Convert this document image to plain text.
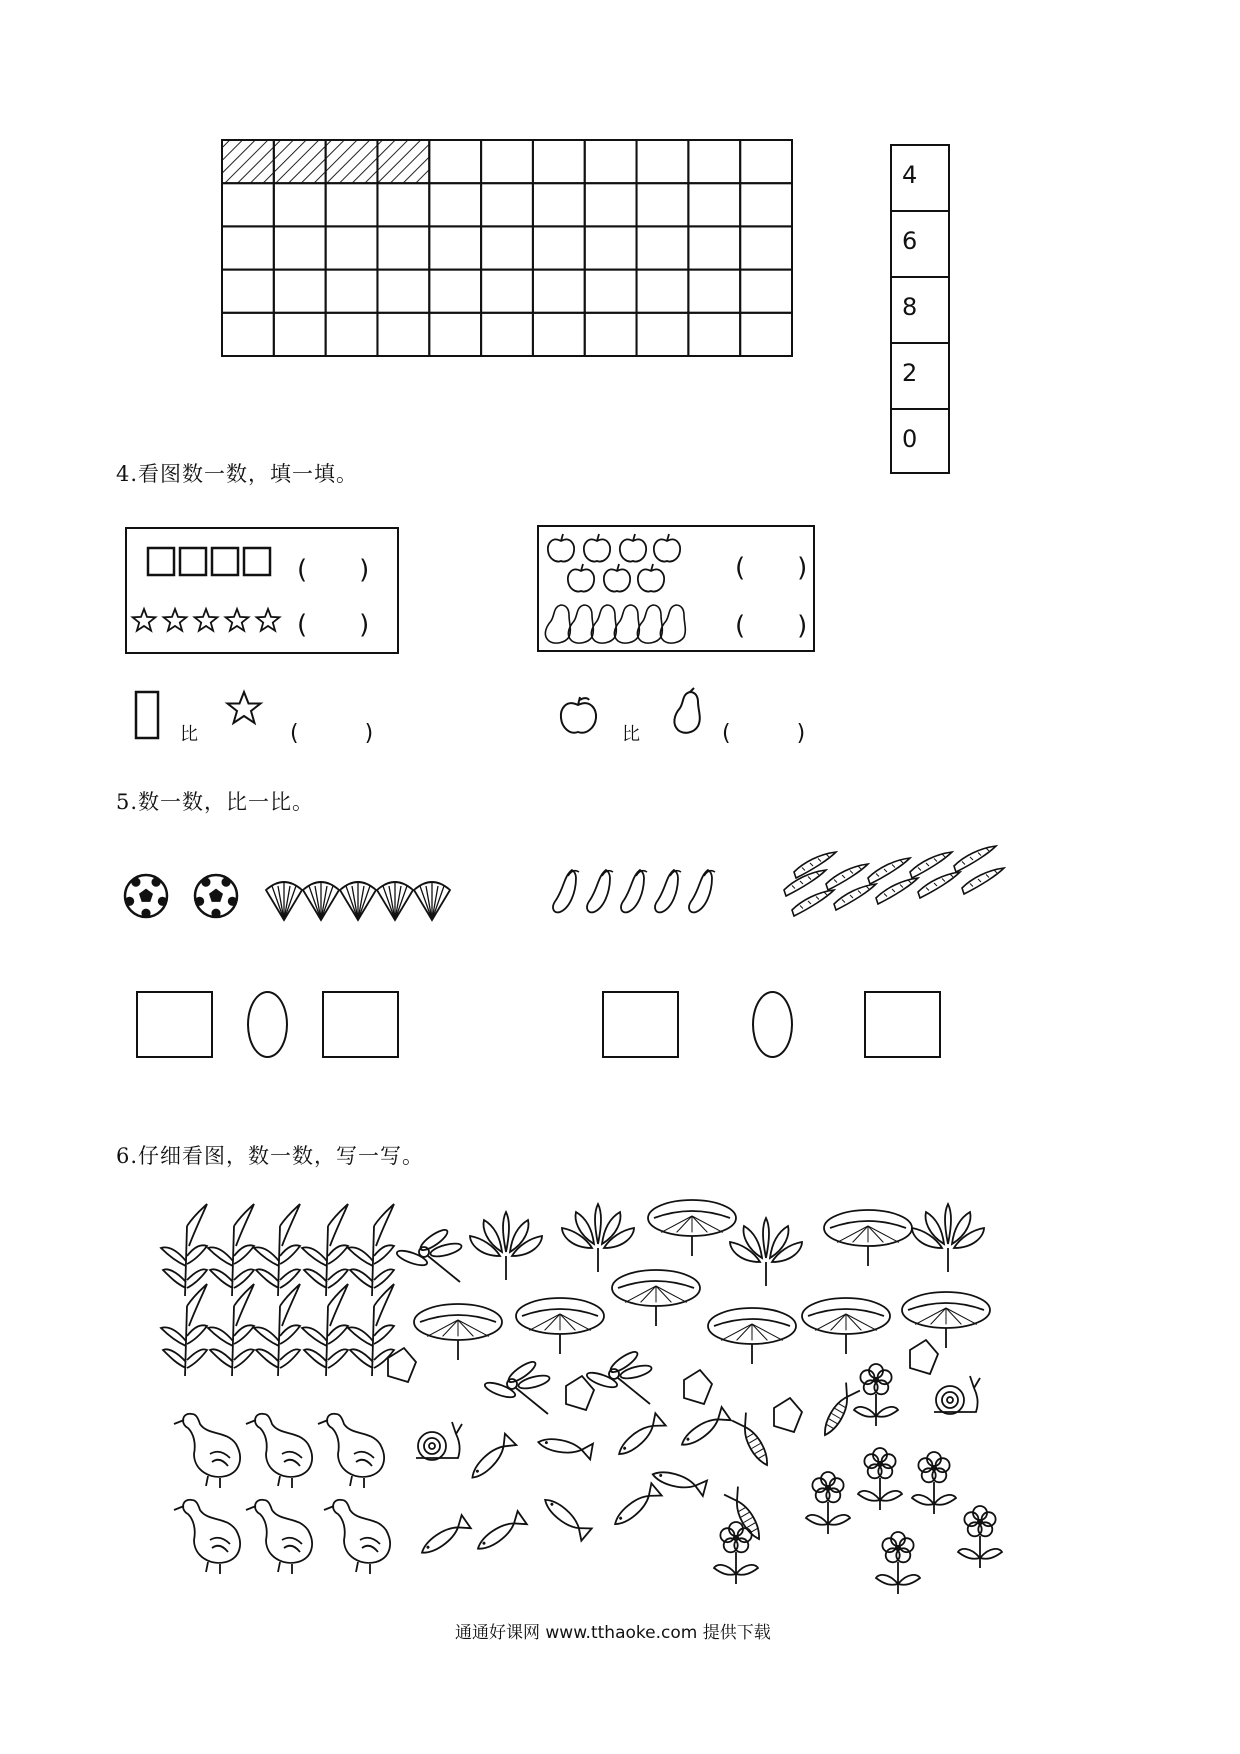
4
6
8
2
0
4.看图数一数，填一填。
(　　)
(　　)
(　　)
(　　)
比	(　　　)	比	(　　　)
5.数一数，比一比。
6.仔细看图，数一数，写一写。
通通好课网 www.tthaoke.com 提供下载
